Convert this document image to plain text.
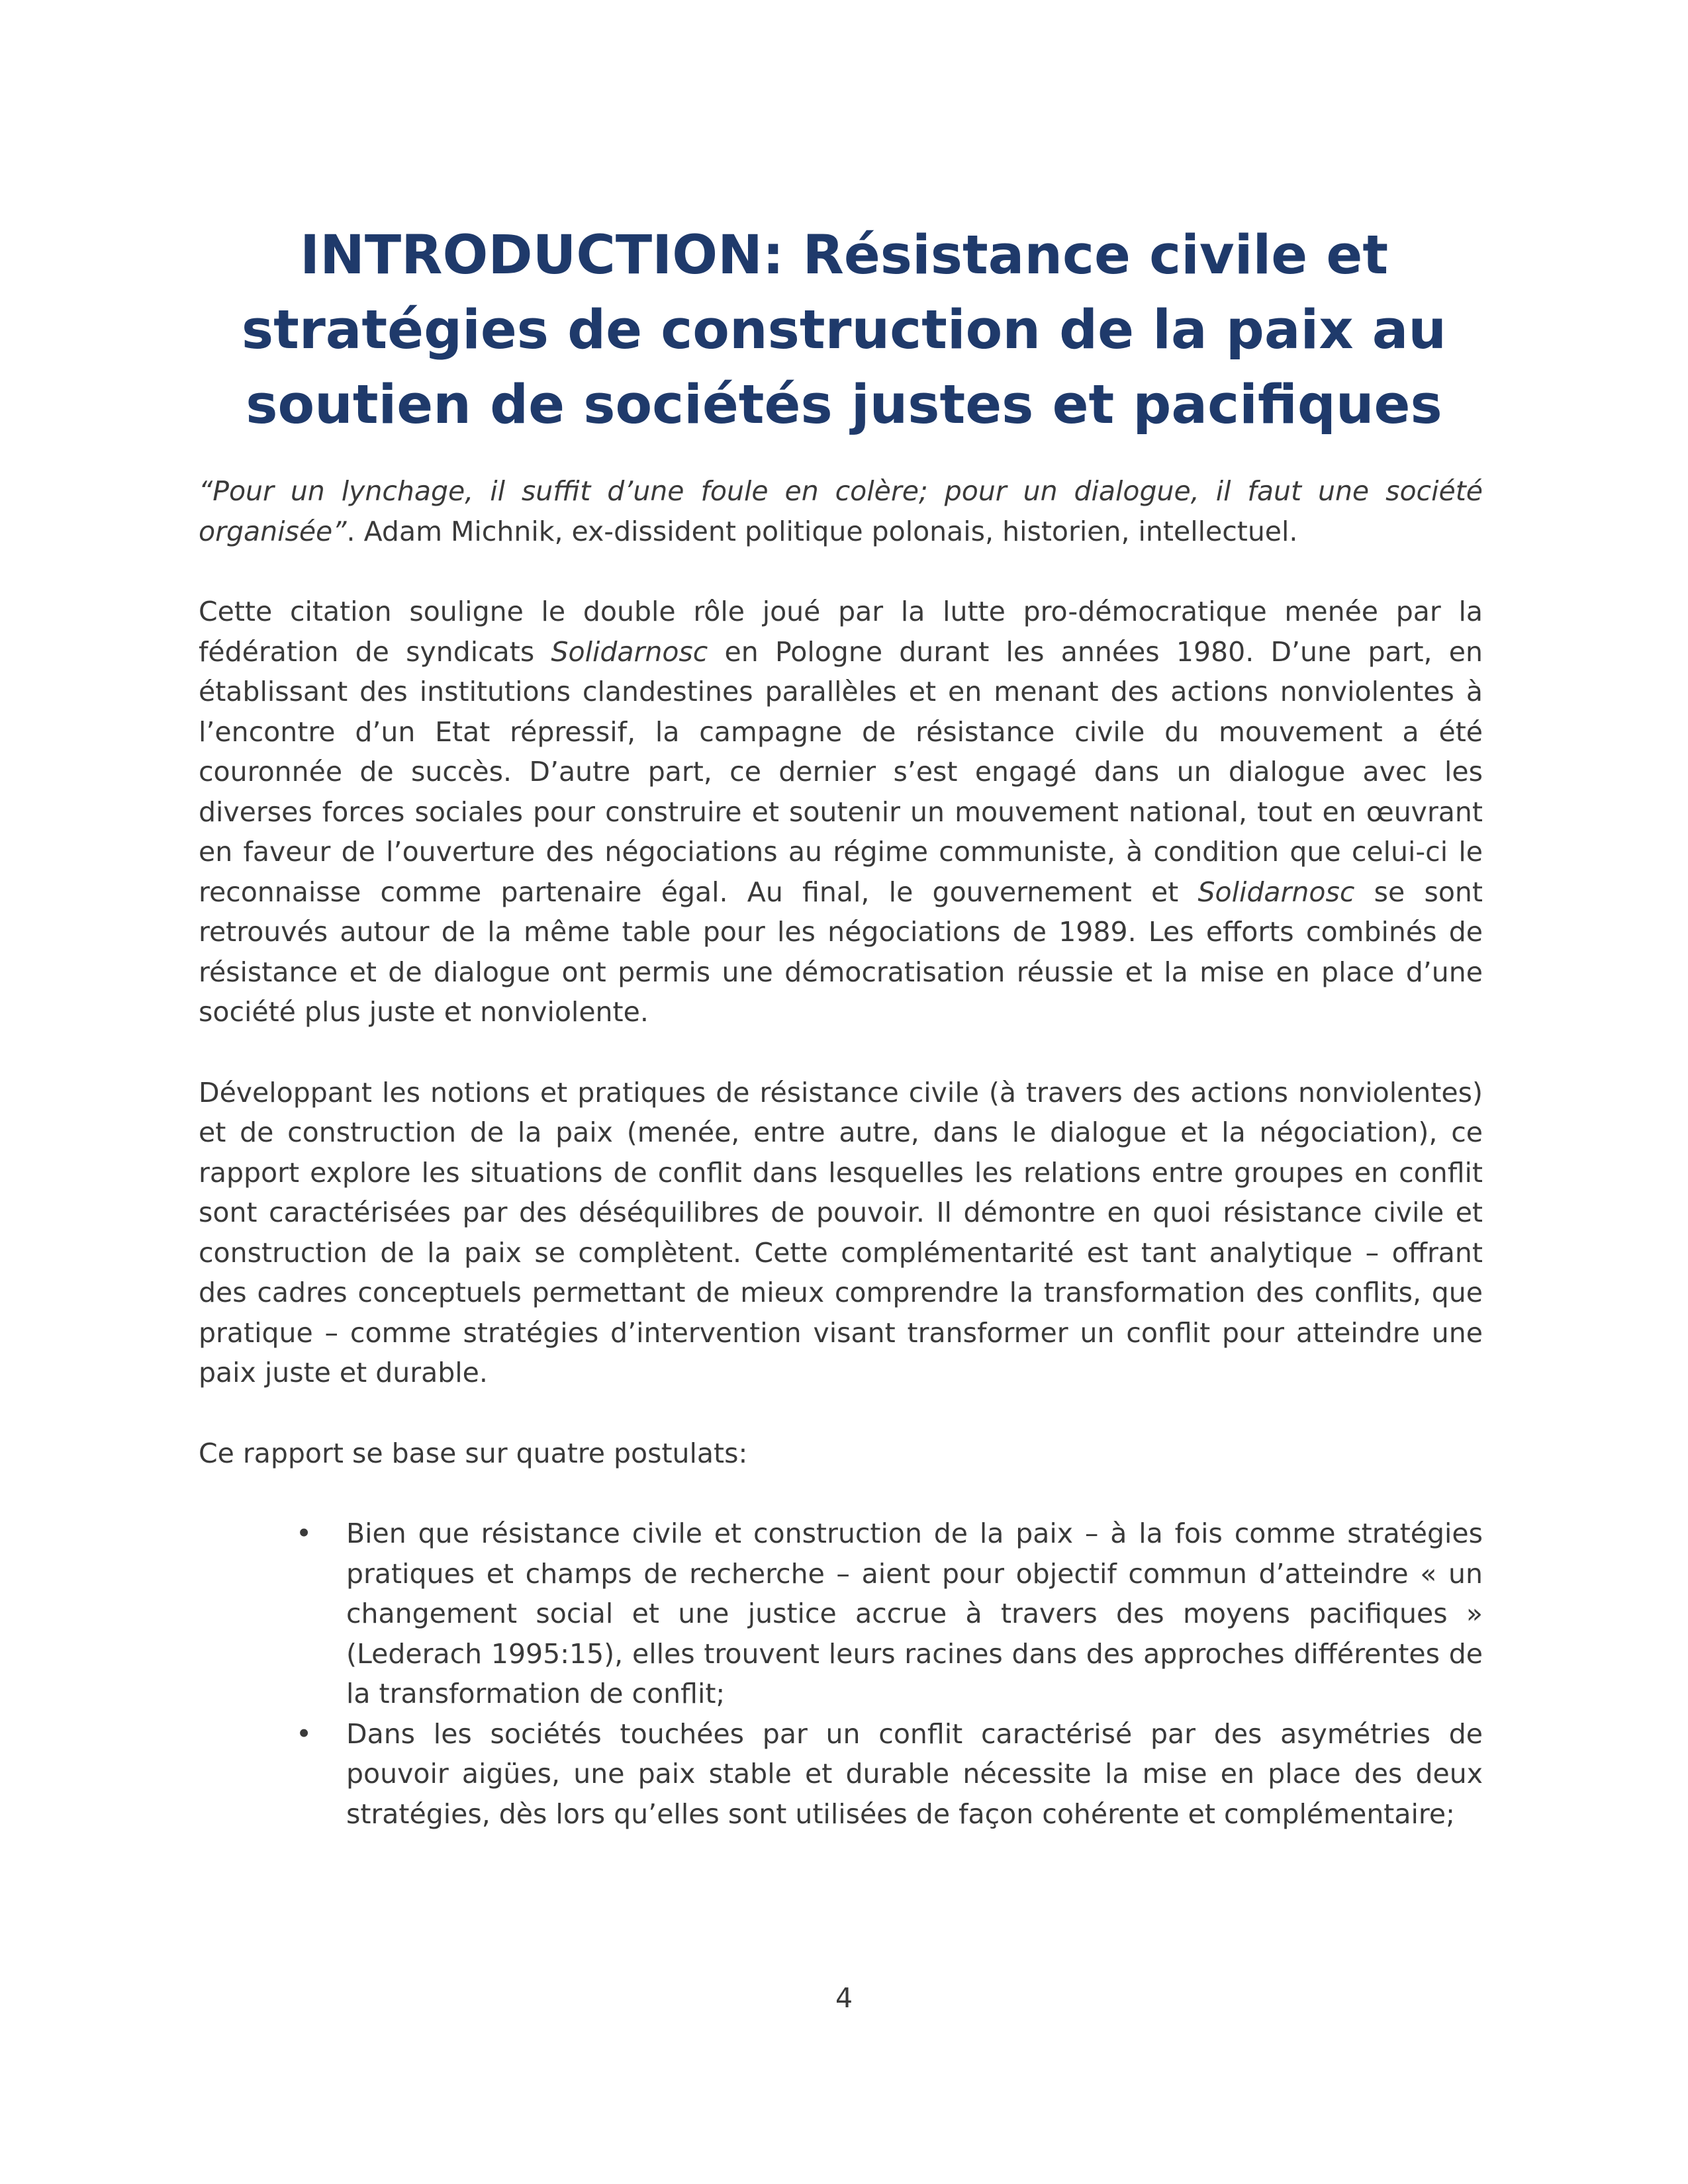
INTRODUCTION: Résistance civile et
stratégies de construction de la paix au
soutien de sociétés justes et pacifiques

“Pour un lynchage, il suffit d’une foule en colère; pour un dialogue, il faut une société organisée”. Adam Michnik, ex-dissident politique polonais, historien, intellectuel.

Cette citation souligne le double rôle joué par la lutte pro-démocratique menée par la fédération de syndicats Solidarnosc en Pologne durant les années 1980. D’une part, en établissant des institutions clandestines parallèles et en menant des actions nonviolentes à l’encontre d’un Etat répressif, la campagne de résistance civile du mouvement a été couronnée de succès. D’autre part, ce dernier s’est engagé dans un dialogue avec les diverses forces sociales pour construire et soutenir un mouvement national, tout en œuvrant en faveur de l’ouverture des négociations au régime communiste, à condition que celui-ci le reconnaisse comme partenaire égal. Au final, le gouvernement et Solidarnosc se sont retrouvés autour de la même table pour les négociations de 1989. Les efforts combinés de résistance et de dialogue ont permis une démocratisation réussie et la mise en place d’une société plus juste et nonviolente.

Développant les notions et pratiques de résistance civile (à travers des actions nonviolentes) et de construction de la paix (menée, entre autre, dans le dialogue et la négociation), ce rapport explore les situations de conflit dans lesquelles les relations entre groupes en conflit sont caractérisées par des déséquilibres de pouvoir. Il démontre en quoi résistance civile et construction de la paix se complètent. Cette complémentarité est tant analytique – offrant des cadres conceptuels permettant de mieux comprendre la transformation des conflits, que pratique – comme stratégies d’intervention visant transformer un conflit pour atteindre une paix juste et durable.

Ce rapport se base sur quatre postulats:

• Bien que résistance civile et construction de la paix – à la fois comme stratégies pratiques et champs de recherche – aient pour objectif commun d’atteindre « un changement social et une justice accrue à travers des moyens pacifiques » (Lederach 1995:15), elles trouvent leurs racines dans des approches différentes de la transformation de conflit;
• Dans les sociétés touchées par un conflit caractérisé par des asymétries de pouvoir aigües, une paix stable et durable nécessite la mise en place des deux stratégies, dès lors qu’elles sont utilisées de façon cohérente et complémentaire;
4
